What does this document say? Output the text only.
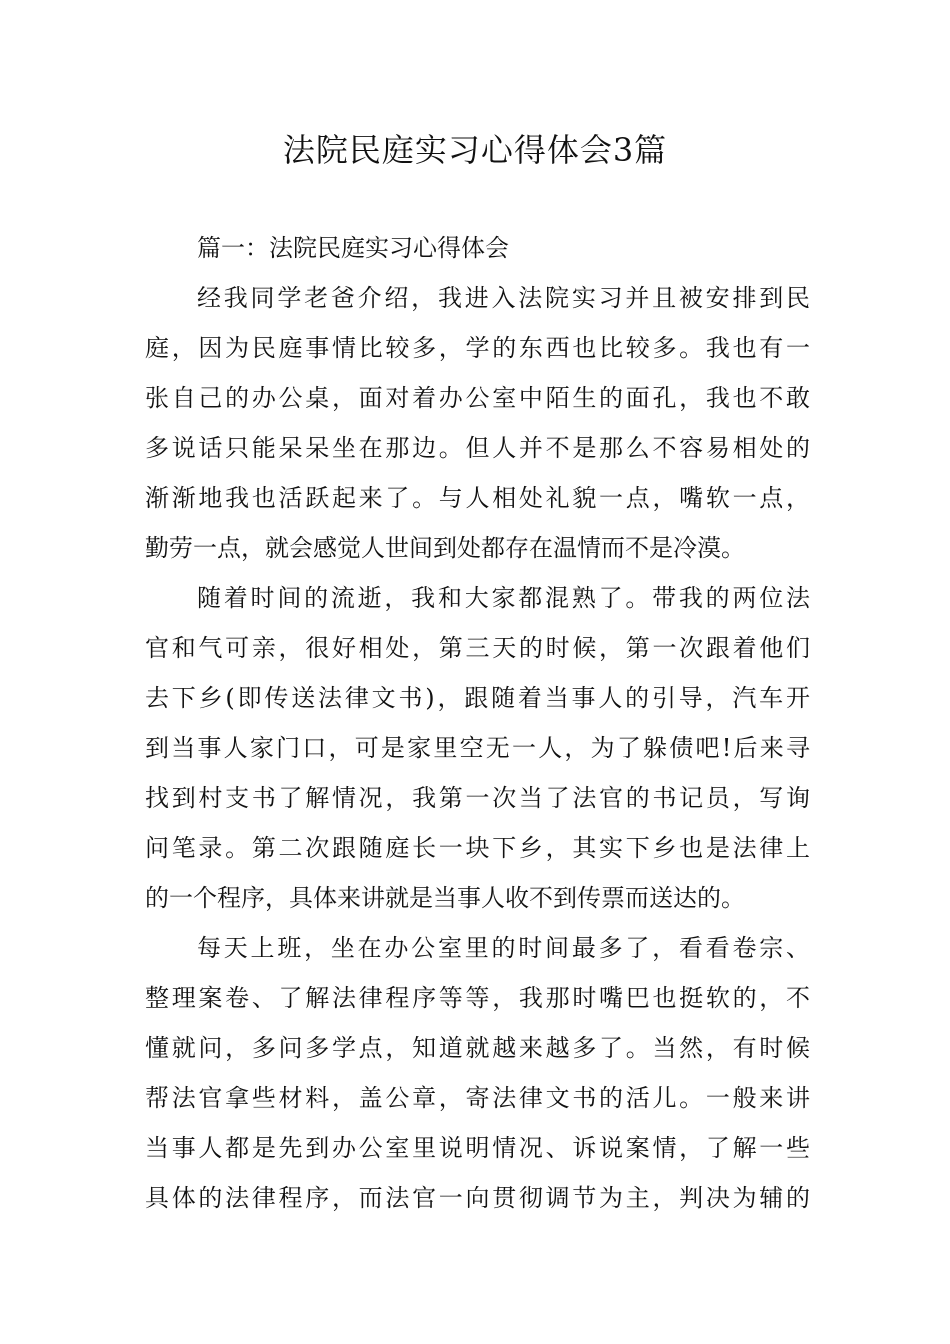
法院民庭实习心得体会3篇

篇一：法院民庭实习心得体会

经我同学老爸介绍，我进入法院实习并且被安排到民

庭，因为民庭事情比较多，学的东西也比较多。我也有一

张自己的办公桌，面对着办公室中陌生的面孔，我也不敢

多说话只能呆呆坐在那边。但人并不是那么不容易相处的

渐渐地我也活跃起来了。与人相处礼貌一点，嘴软一点，

勤劳一点，就会感觉人世间到处都存在温情而不是冷漠。

随着时间的流逝，我和大家都混熟了。带我的两位法

官和气可亲，很好相处，第三天的时候，第一次跟着他们

去下乡(即传送法律文书)，跟随着当事人的引导，汽车开

到当事人家门口，可是家里空无一人，为了躲债吧!后来寻

找到村支书了解情况，我第一次当了法官的书记员，写询

问笔录。第二次跟随庭长一块下乡，其实下乡也是法律上

的一个程序，具体来讲就是当事人收不到传票而送达的。

每天上班，坐在办公室里的时间最多了，看看卷宗、

整理案卷、了解法律程序等等，我那时嘴巴也挺软的，不

懂就问，多问多学点，知道就越来越多了。当然，有时候

帮法官拿些材料，盖公章，寄法律文书的活儿。一般来讲

当事人都是先到办公室里说明情况、诉说案情，了解一些

具体的法律程序，而法官一向贯彻调节为主，判决为辅的
